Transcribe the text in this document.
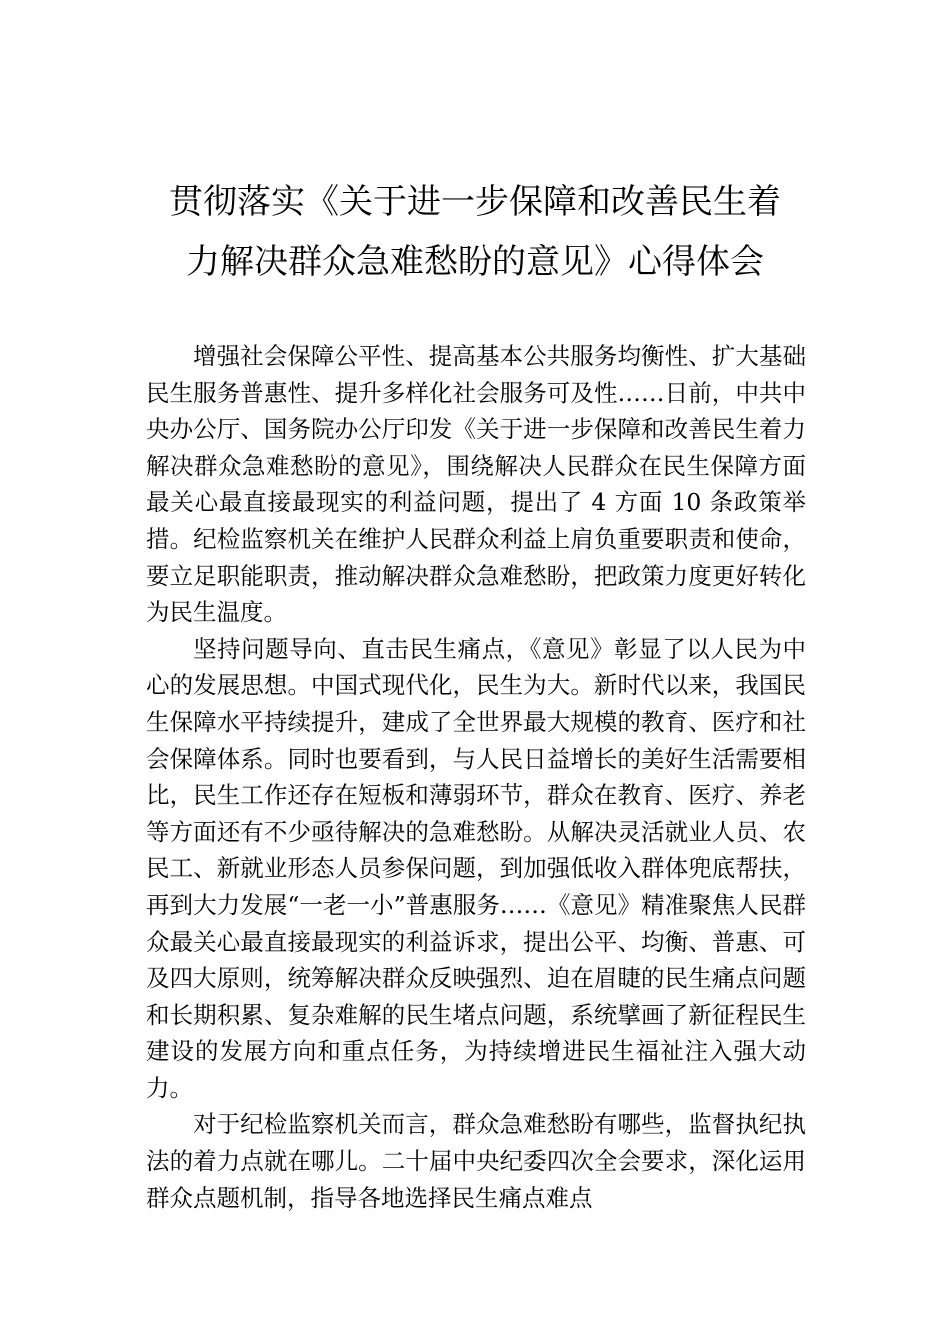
贯彻落实《关于进一步保障和改善民生着
力解决群众急难愁盼的意见》心得体会

增强社会保障公平性、提高基本公共服务均衡性、扩大基础民生服务普惠性、提升多样化社会服务可及性……日前，中共中央办公厅、国务院办公厅印发《关于进一步保障和改善民生着力解决群众急难愁盼的意见》，围绕解决人民群众在民生保障方面最关心最直接最现实的利益问题，提出了 4 方面 10 条政策举措。纪检监察机关在维护人民群众利益上肩负重要职责和使命，要立足职能职责，推动解决群众急难愁盼，把政策力度更好转化为民生温度。

坚持问题导向、直击民生痛点，《意见》彰显了以人民为中心的发展思想。中国式现代化，民生为大。新时代以来，我国民生保障水平持续提升，建成了全世界最大规模的教育、医疗和社会保障体系。同时也要看到，与人民日益增长的美好生活需要相比，民生工作还存在短板和薄弱环节，群众在教育、医疗、养老等方面还有不少亟待解决的急难愁盼。从解决灵活就业人员、农民工、新就业形态人员参保问题，到加强低收入群体兜底帮扶，再到大力发展“一老一小”普惠服务……《意见》精准聚焦人民群众最关心最直接最现实的利益诉求，提出公平、均衡、普惠、可及四大原则，统筹解决群众反映强烈、迫在眉睫的民生痛点问题和长期积累、复杂难解的民生堵点问题，系统擘画了新征程民生建设的发展方向和重点任务，为持续增进民生福祉注入强大动力。

对于纪检监察机关而言，群众急难愁盼有哪些，监督执纪执法的着力点就在哪儿。二十届中央纪委四次全会要求，深化运用群众点题机制，指导各地选择民生痛点难点
